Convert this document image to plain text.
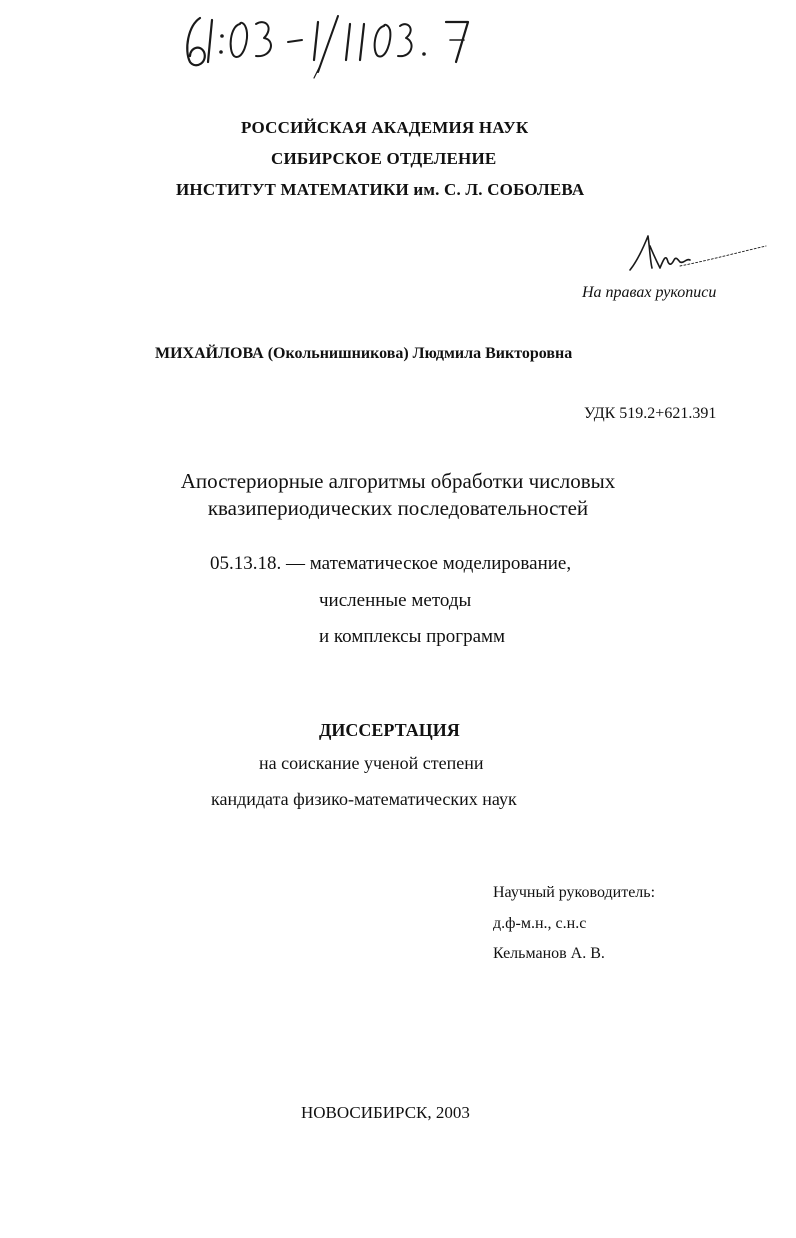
РОССИЙСКАЯ АКАДЕМИЯ НАУК
СИБИРСКОЕ ОТДЕЛЕНИЕ
ИНСТИТУТ МАТЕМАТИКИ им. С. Л. СОБОЛЕВА
На правах рукописи
МИХАЙЛОВА (Окольнишникова) Людмила Викторовна
УДК 519.2+621.391
Апостериорные алгоритмы обработки числовых
квазипериодических последовательностей
05.13.18. — математическое моделирование,
численные методы
и комплексы программ
ДИССЕРТАЦИЯ
на соискание ученой степени
кандидата физико-математических наук
Научный руководитель:
д.ф-м.н., с.н.с
Кельманов А. В.
НОВОСИБИРСК, 2003
